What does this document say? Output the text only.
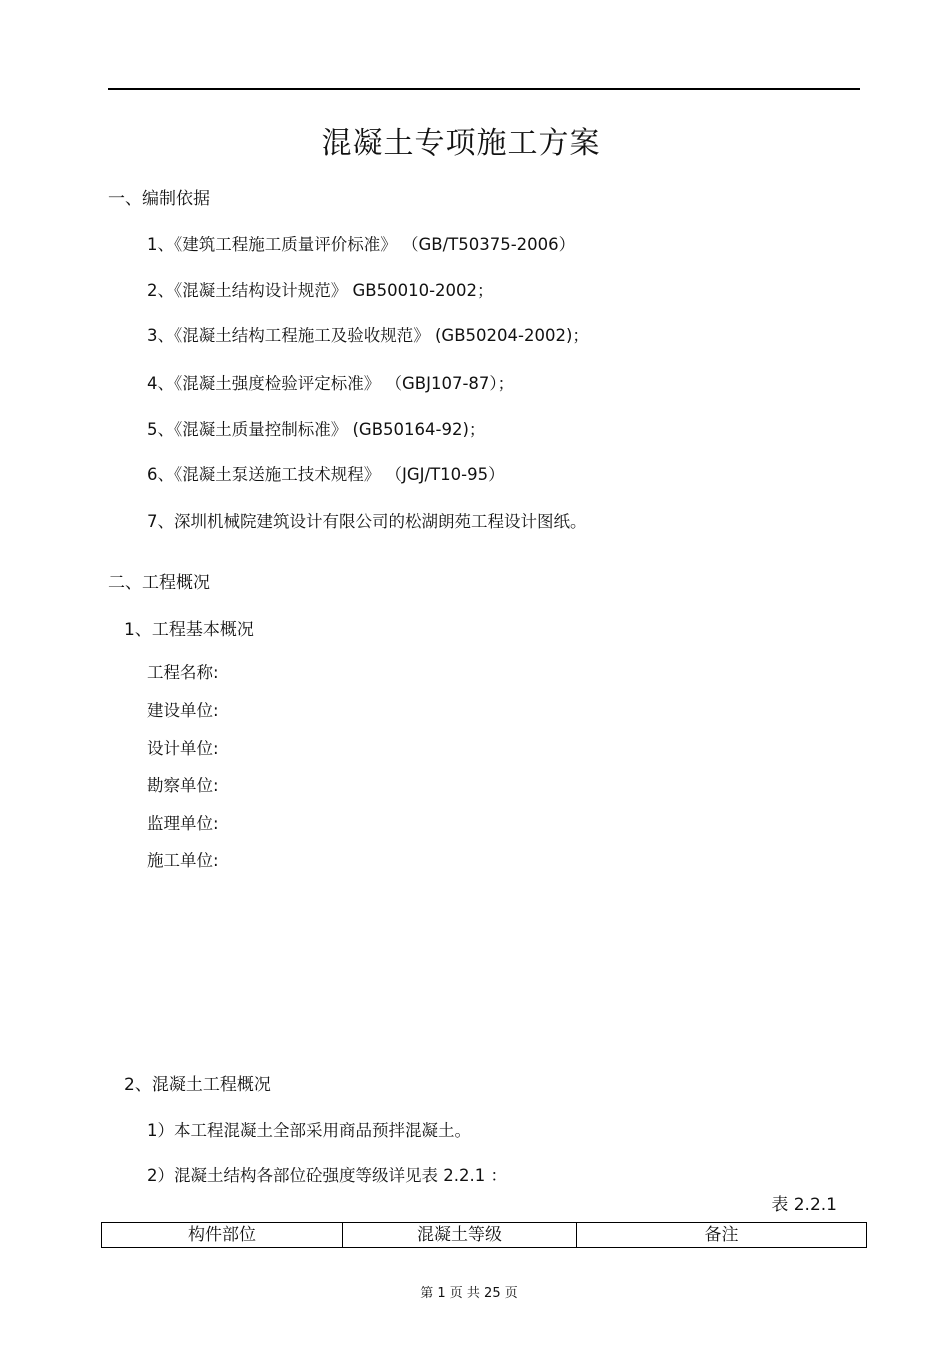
混凝土专项施工方案
一、编制依据
1、《建筑工程施工质量评价标准》 （GB/T50375-2006）
2、《混凝土结构设计规范》 GB50010-2002；
3、《混凝土结构工程施工及验收规范》 (GB50204-2002)；
4、《混凝土强度检验评定标准》 （GBJ107-87）；
5、《混凝土质量控制标准》 (GB50164-92)；
6、《混凝土泵送施工技术规程》 （JGJ/T10-95）
7、深圳机械院建筑设计有限公司的松湖朗苑工程设计图纸。
二、工程概况
1、工程基本概况
工程名称:
建设单位:
设计单位:
勘察单位:
监理单位:
施工单位:
2、混凝土工程概况
1）本工程混凝土全部采用商品预拌混凝土。
2）混凝土结构各部位砼强度等级详见表 2.2.1 ：
表 2.2.1
构件部位	混凝土等级	备注
第 1 页 共 25 页
